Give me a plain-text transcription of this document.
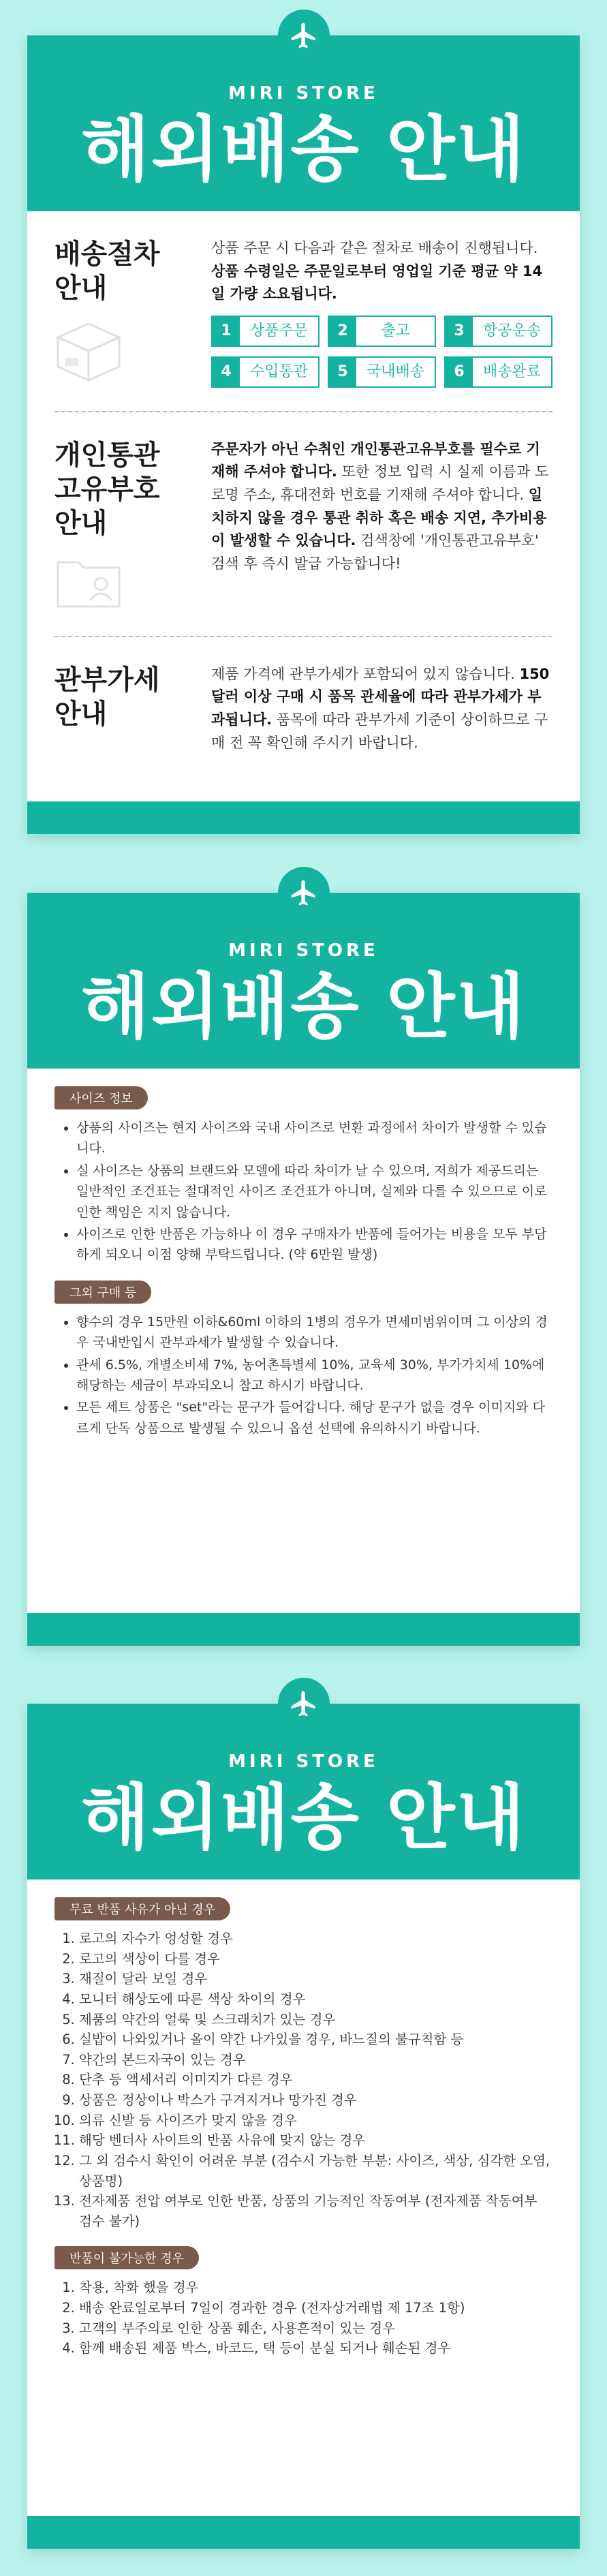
MIRI STORE
해외배송 안내
배송절차
안내
상품 주문 시 다음과 같은 절차로 배송이 진행됩니다. 상품 수령일은 주문일로부터 영업일 기준 평균 약 14일 가량 소요됩니다.
1	상품주문	2	출고	3	항공운송
4	수입통관	5	국내배송	6	배송완료
개인통관
고유부호
안내
주문자가 아닌 수취인 개인통관고유부호를 필수로 기재해 주셔야 합니다. 또한 정보 입력 시 실제 이름과 도로명 주소, 휴대전화 번호를 기재해 주셔야 합니다. 일치하지 않을 경우 통관 취하 혹은 배송 지연, 추가비용이 발생할 수 있습니다. 검색창에 '개인통관고유부호' 검색 후 즉시 발급 가능합니다!
관부가세
안내
제품 가격에 관부가세가 포함되어 있지 않습니다. 150달러 이상 구매 시 품목 관세율에 따라 관부가세가 부과됩니다. 품목에 따라 관부가세 기준이 상이하므로 구매 전 꼭 확인해 주시기 바랍니다.
MIRI STORE
해외배송 안내
사이즈 정보
• 상품의 사이즈는 현지 사이즈와 국내 사이즈로 변환 과정에서 차이가 발생할 수 있습니다.
• 실 사이즈는 상품의 브랜드와 모델에 따라 차이가 날 수 있으며, 저희가 제공드리는 일반적인 조건표는 절대적인 사이즈 조건표가 아니며, 실제와 다를 수 있으므로 이로 인한 책임은 지지 않습니다.
• 사이즈로 인한 반품은 가능하나 이 경우 구매자가 반품에 들어가는 비용을 모두 부담하게 되오니 이점 양해 부탁드립니다. (약 6만원 발생)
그외 구매 등
• 향수의 경우 15만원 이하&60ml 이하의 1병의 경우가 면세미범위이며 그 이상의 경우 국내반입시 관부과세가 발생할 수 있습니다.
• 관세 6.5%, 개별소비세 7%, 농어촌특별세 10%, 교육세 30%, 부가가치세 10%에 해당하는 세금이 부과되오니 참고 하시기 바랍니다.
• 모든 세트 상품은 "set"라는 문구가 들어갑니다. 해당 문구가 없을 경우 이미지와 다르게 단독 상품으로 발생될 수 있으니 옵션 선택에 유의하시기 바랍니다.
MIRI STORE
해외배송 안내
무료 반품 사유가 아닌 경우
1. 로고의 자수가 엉성할 경우
2. 로고의 색상이 다를 경우
3. 재질이 달라 보일 경우
4. 모니터 해상도에 따른 색상 차이의 경우
5. 제품의 약간의 얼룩 및 스크래치가 있는 경우
6. 실밥이 나와있거나 올이 약간 나가있을 경우, 바느질의 불규칙함 등
7. 약간의 본드자국이 있는 경우
8. 단추 등 액세서리 이미지가 다른 경우
9. 상품은 정상이나 박스가 구겨지거나 망가진 경우
10. 의류 신발 등 사이즈가 맞지 않을 경우
11. 해당 벤더사 사이트의 반품 사유에 맞지 않는 경우
12. 그 외 검수시 확인이 어려운 부분 (검수시 가능한 부분: 사이즈, 색상, 심각한 오염, 상품명)
13. 전자제품 전압 여부로 인한 반품, 상품의 기능적인 작동여부 (전자제품 작동여부 검수 불가)
반품이 불가능한 경우
1. 착용, 착화 했을 경우
2. 배송 완료일로부터 7일이 경과한 경우 (전자상거래법 제 17조 1항)
3. 고객의 부주의로 인한 상품 훼손, 사용흔적이 있는 경우
4. 함께 배송된 제품 박스, 바코드, 택 등이 분실 되거나 훼손된 경우
